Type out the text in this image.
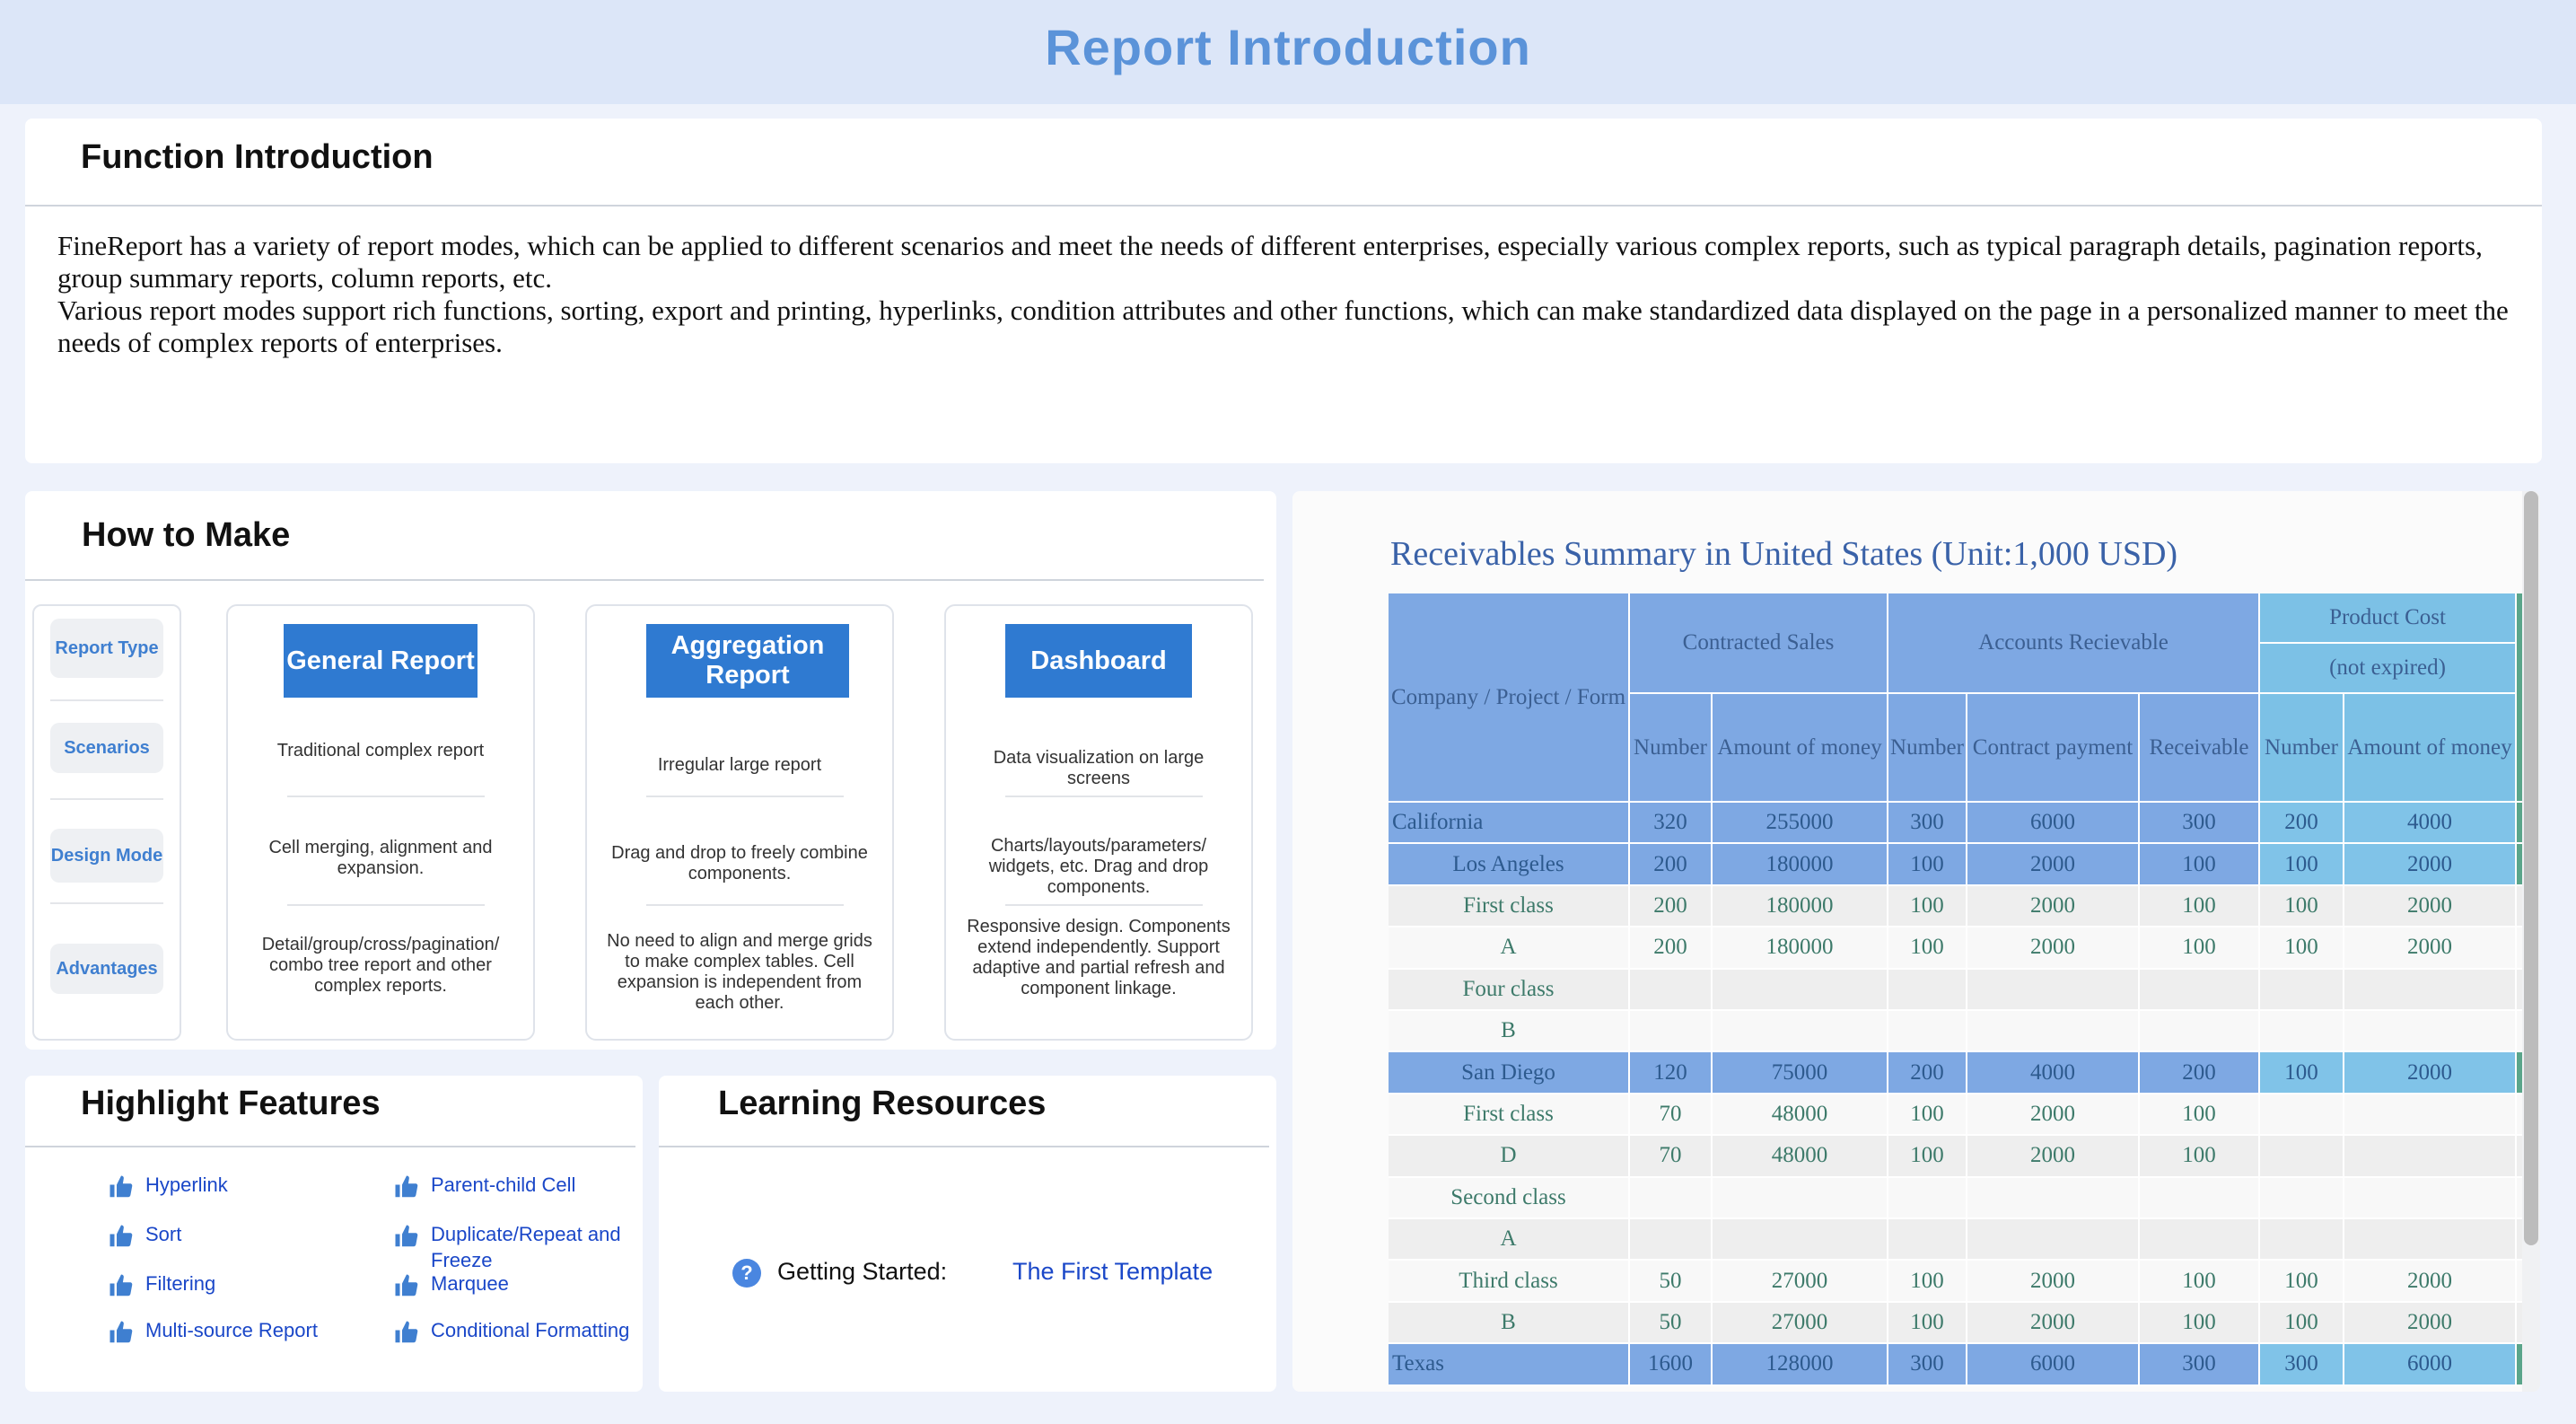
Report Introduction
Function Introduction
FineReport has a variety of report modes, which can be applied to different scenarios and meet the needs of different enterprises, especially various complex reports, such as typical paragraph details, pagination reports, group summary reports, column reports, etc.
Various report modes support rich functions, sorting, export and printing, hyperlinks, condition attributes and other functions, which can make standardized data displayed on the page in a personalized manner to meet the needs of complex reports of enterprises.
How to Make
Report Type
Scenarios
Design Mode
Advantages
General Report
Traditional complex report
Cell merging, alignment and expansion.
Detail/group/cross/pagination/ combo tree report and other complex reports.
Aggregation Report
Irregular large report
Drag and drop to freely combine components.
No need to align and merge grids to make complex tables. Cell expansion is independent from each other.
Dashboard
Data visualization on large screens
Charts/layouts/parameters/ widgets, etc. Drag and drop components.
Responsive design. Components extend independently. Support adaptive and partial refresh and component linkage.
Highlight Features
Hyperlink	Parent-child Cell
Sort	Duplicate/Repeat and Freeze
Filtering	Marquee
Multi-source Report	Conditional Formatting
Learning Resources
?	Getting Started:	The First Template
Receivables Summary in United States (Unit:1,000 USD)
Company / Project / Form
Contracted Sales	Accounts Recievable
Product Cost
(not expired)
Number Amount of money Number Contract payment Receivable Number Amount of money
California	320	255000	300	6000	300	200	4000
Los Angeles	200	180000	100	2000	100	100	2000
First class	200	180000	100	2000	100	100	2000
A	200	180000	100	2000	100	100	2000
Four class
B
San Diego	120	75000	200	4000	200	100	2000
First class	70	48000	100	2000	100
D	70	48000	100	2000	100
Second class
A
Third class	50	27000	100	2000	100	100	2000
B	50	27000	100	2000	100	100	2000
Texas	1600	128000	300	6000	300	300	6000
